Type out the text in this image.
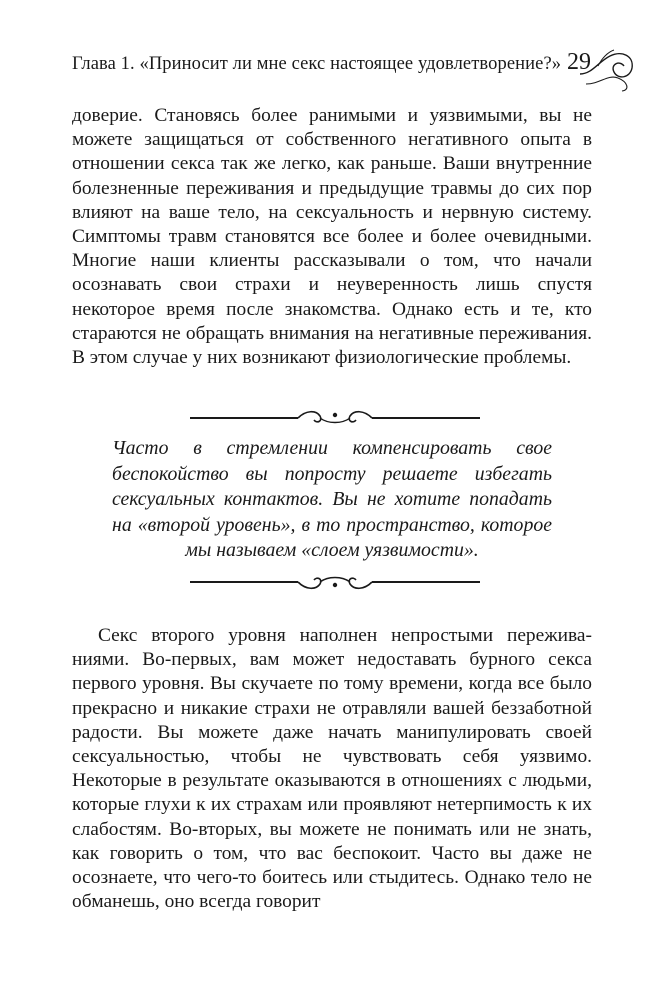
Глава 1. «Приносит ли мне секс настоящее удовлетворение?» 29

доверие. Становясь более ранимыми и уязвимыми, вы не можете защищаться от собственного негативного опыта в отношении секса так же легко, как раньше. Ваши внутренние болезненные переживания и предыдущие травмы до сих пор влияют на ваше тело, на сексуальность и нервную систему. Симптомы травм становятся все более и более очевидными. Многие наши клиенты рассказывали о том, что начали осознавать свои страхи и неуверенность лишь спустя некоторое время после знакомства. Однако есть и те, кто стараются не обращать внимания на негативные переживания. В этом случае у них возникают физиологические проблемы.

Часто в стремлении компенсировать свое беспокойство вы попросту решаете избегать сексуальных контактов. Вы не хотите попадать на «второй уровень», в то пространство, которое мы называем «слоем уязвимости».

Секс второго уровня наполнен непростыми переживаниями. Во-первых, вам может недоставать бурного секса первого уровня. Вы скучаете по тому времени, когда все было прекрасно и никакие страхи не отравляли вашей беззаботной радости. Вы можете даже начать манипулировать своей сексуальностью, чтобы не чувствовать себя уязвимо. Некоторые в результате оказываются в отношениях с людьми, которые глухи к их страхам или проявляют нетерпимость к их слабостям. Во-вторых, вы можете не понимать или не знать, как говорить о том, что вас беспокоит. Часто вы даже не осознаете, что чего-то боитесь или стыдитесь. Однако тело не обманешь, оно всегда говорит
